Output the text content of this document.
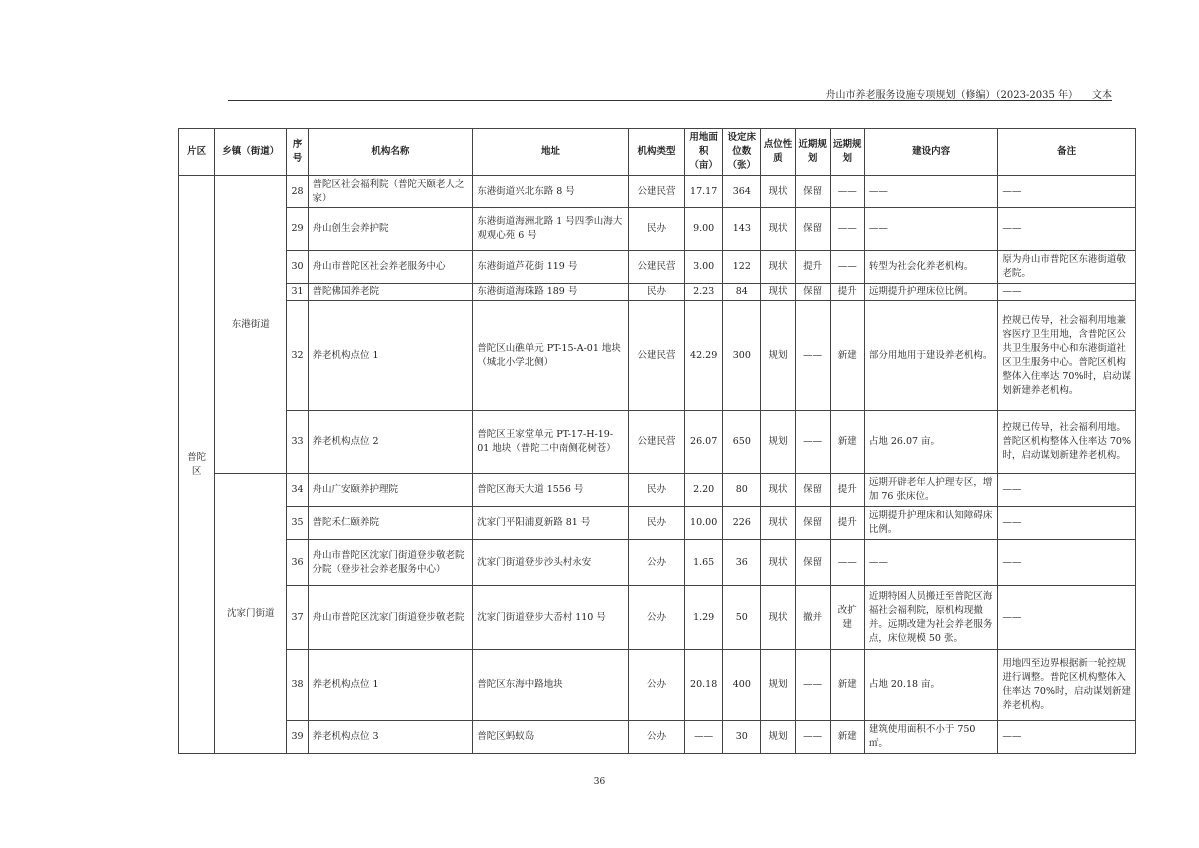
舟山市养老服务设施专项规划（修编）（2023-2035 年） 文本
片区	乡镇（街道）	序号	机构名称	地址	机构类型	用地面积（亩）	设定床位数（张）	点位性质	近期规划	远期规划	建设内容	备注
普陀区	东港街道	28	普陀区社会福利院（普陀天颐老人之家）	东港街道兴北东路 8 号	公建民营	17.17	364	现状	保留	——	——	——
		29	舟山创生会养护院	东港街道海洲北路 1 号四季山海大观观心苑 6 号	民办	9.00	143	现状	保留	——	——	——
		30	舟山市普陀区社会养老服务中心	东港街道芦花街 119 号	公建民营	3.00	122	现状	提升	——	转型为社会化养老机构。	原为舟山市普陀区东港街道敬老院。
		31	普陀佛国养老院	东港街道海珠路 189 号	民办	2.23	84	现状	保留	提升	远期提升护理床位比例。	——
		32	养老机构点位 1	普陀区山礁单元 PT-15-A-01 地块（城北小学北侧）	公建民营	42.29	300	规划	——	新建	部分用地用于建设养老机构。	控规已传导，社会福利用地兼容医疗卫生用地，含普陀区公共卫生服务中心和东港街道社区卫生服务中心。普陀区机构整体入住率达 70%时，启动谋划新建养老机构。
		33	养老机构点位 2	普陀区王家堂单元 PT-17-H-19-01 地块（普陀二中南侧花树苍）	公建民营	26.07	650	规划	——	新建	占地 26.07 亩。	控规已传导，社会福利用地。普陀区机构整体入住率达 70%时，启动谋划新建养老机构。
	沈家门街道	34	舟山广安颐养护理院	普陀区海天大道 1556 号	民办	2.20	80	现状	保留	提升	远期开辟老年人护理专区，增加 76 张床位。	——
		35	普陀禾仁颐养院	沈家门平阳浦夏新路 81 号	民办	10.00	226	现状	保留	提升	远期提升护理床和认知障碍床比例。	——
		36	舟山市普陀区沈家门街道登步敬老院分院（登步社会养老服务中心）	沈家门街道登步沙头村永安	公办	1.65	36	现状	保留	——	——	——
		37	舟山市普陀区沈家门街道登步敬老院	沈家门街道登步大岙村 110 号	公办	1.29	50	现状	撤并	改扩建	近期特困人员搬迁至普陀区海福社会福利院，原机构现撤并。远期改建为社会养老服务点，床位规模 50 张。	——
		38	养老机构点位 1	普陀区东海中路地块	公办	20.18	400	规划	——	新建	占地 20.18 亩。	用地四至边界根据新一轮控规进行调整。普陀区机构整体入住率达 70%时，启动谋划新建养老机构。
		39	养老机构点位 3	普陀区蚂蚁岛	公办	——	30	规划	——	新建	建筑使用面积不小于 750 ㎡。	——
36
